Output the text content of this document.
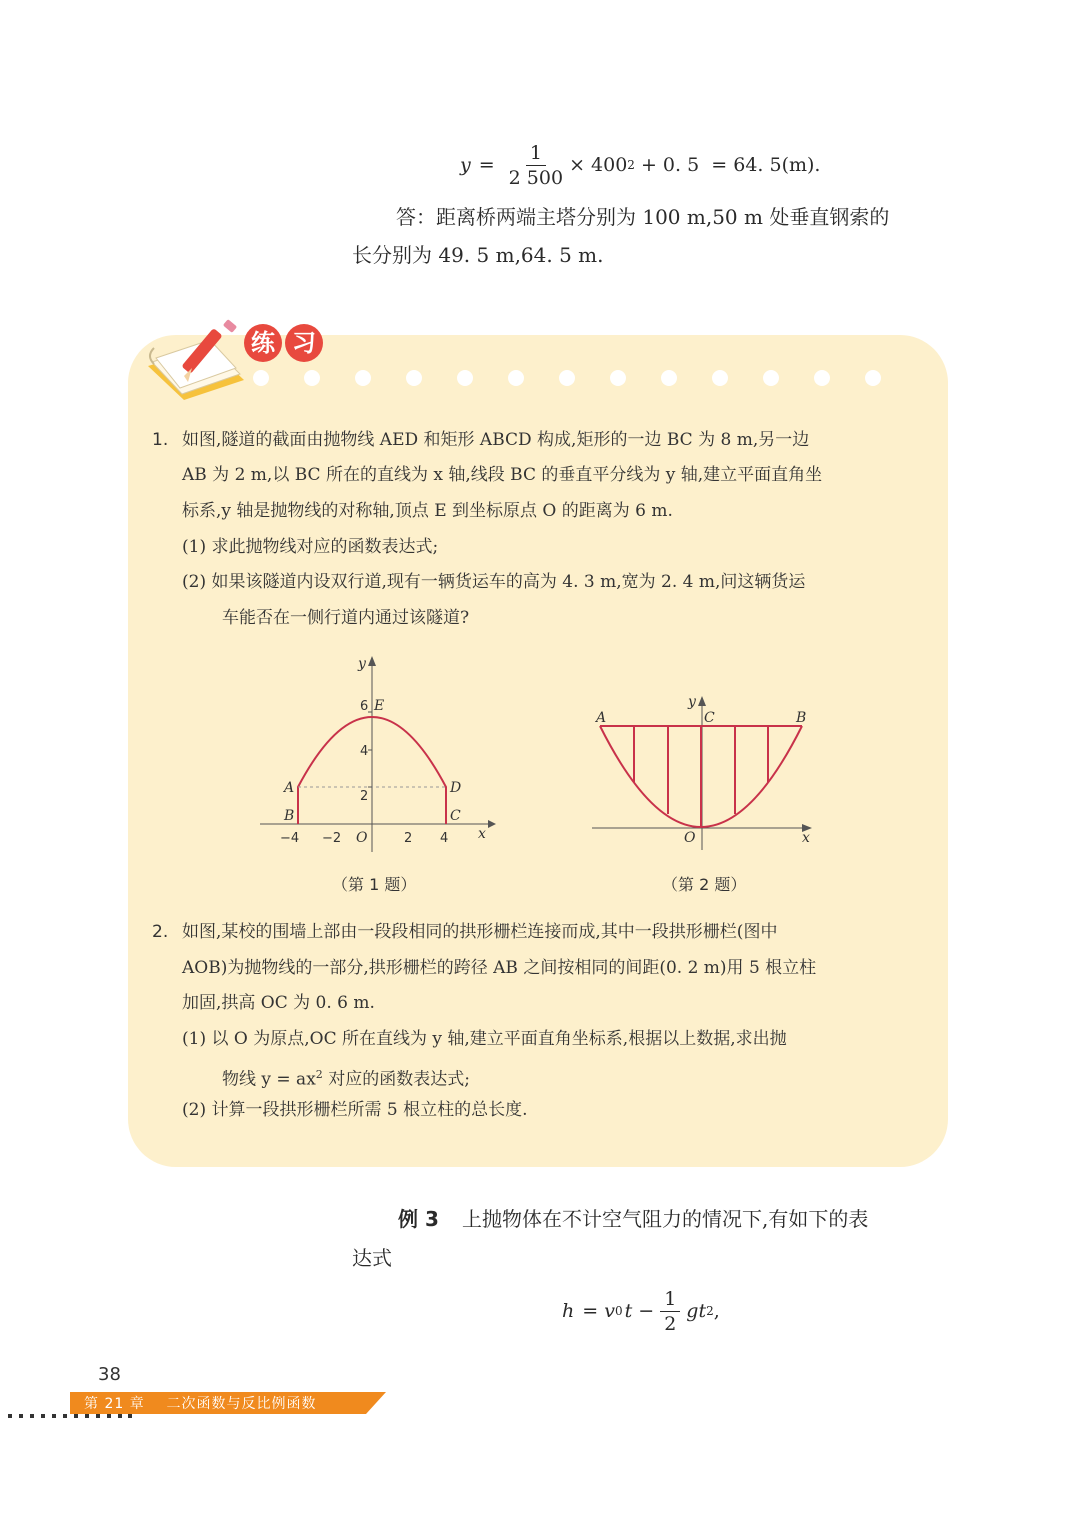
$y = \frac{1}{2 500} \times 400$ 2 + 0. 5  = 64. 5(m).
答：距离桥两端主塔分别为 100 m,50 m 处垂直钢索的
长分别为 49. 5 m,64. 5 m.
练 习
1. 如图,隧道的截面由抛物线 AED 和矩形 ABCD 构成,矩形的一边 BC 为 8 m,另一边
AB 为 2 m,以 BC 所在的直线为 x 轴,线段 BC 的垂直平分线为 y 轴,建立平面直角坐
标系,y 轴是抛物线的对称轴,顶点 E 到坐标原点 O 的距离为 6 m.
(1) 求此抛物线对应的函数表达式;
(2) 如果该隧道内设双行道,现有一辆货运车的高为 4. 3 m,宽为 2. 4 m,问这辆货运
车能否在一侧行道内通过该隧道?
y
x
−4 −2 O	2 4
2
4
6 E
A
B	C
D
（第 1 题）
y
x
A	B
C
O
（第 2 题）
2. 如图,某校的围墙上部由一段段相同的拱形栅栏连接而成,其中一段拱形栅栏(图中
AOB)为抛物线的一部分,拱形栅栏的跨径 AB 之间按相同的间距(0. 2 m)用 5 根立柱
加固,拱高 OC 为 0. 6 m.
(1) 以 O 为原点,OC 所在直线为 y 轴,建立平面直角坐标系,根据以上数据,求出抛
物线 $y = ax^2$ 对应的函数表达式;
(2) 计算一段拱形栅栏所需 5 根立柱的总长度.
例 3 上抛物体在不计空气阻力的情况下,有如下的表
达式
h = v 0 $t - \frac{1}{2}$ gt 2 ,
38
第 21 章    二次函数与反比例函数
